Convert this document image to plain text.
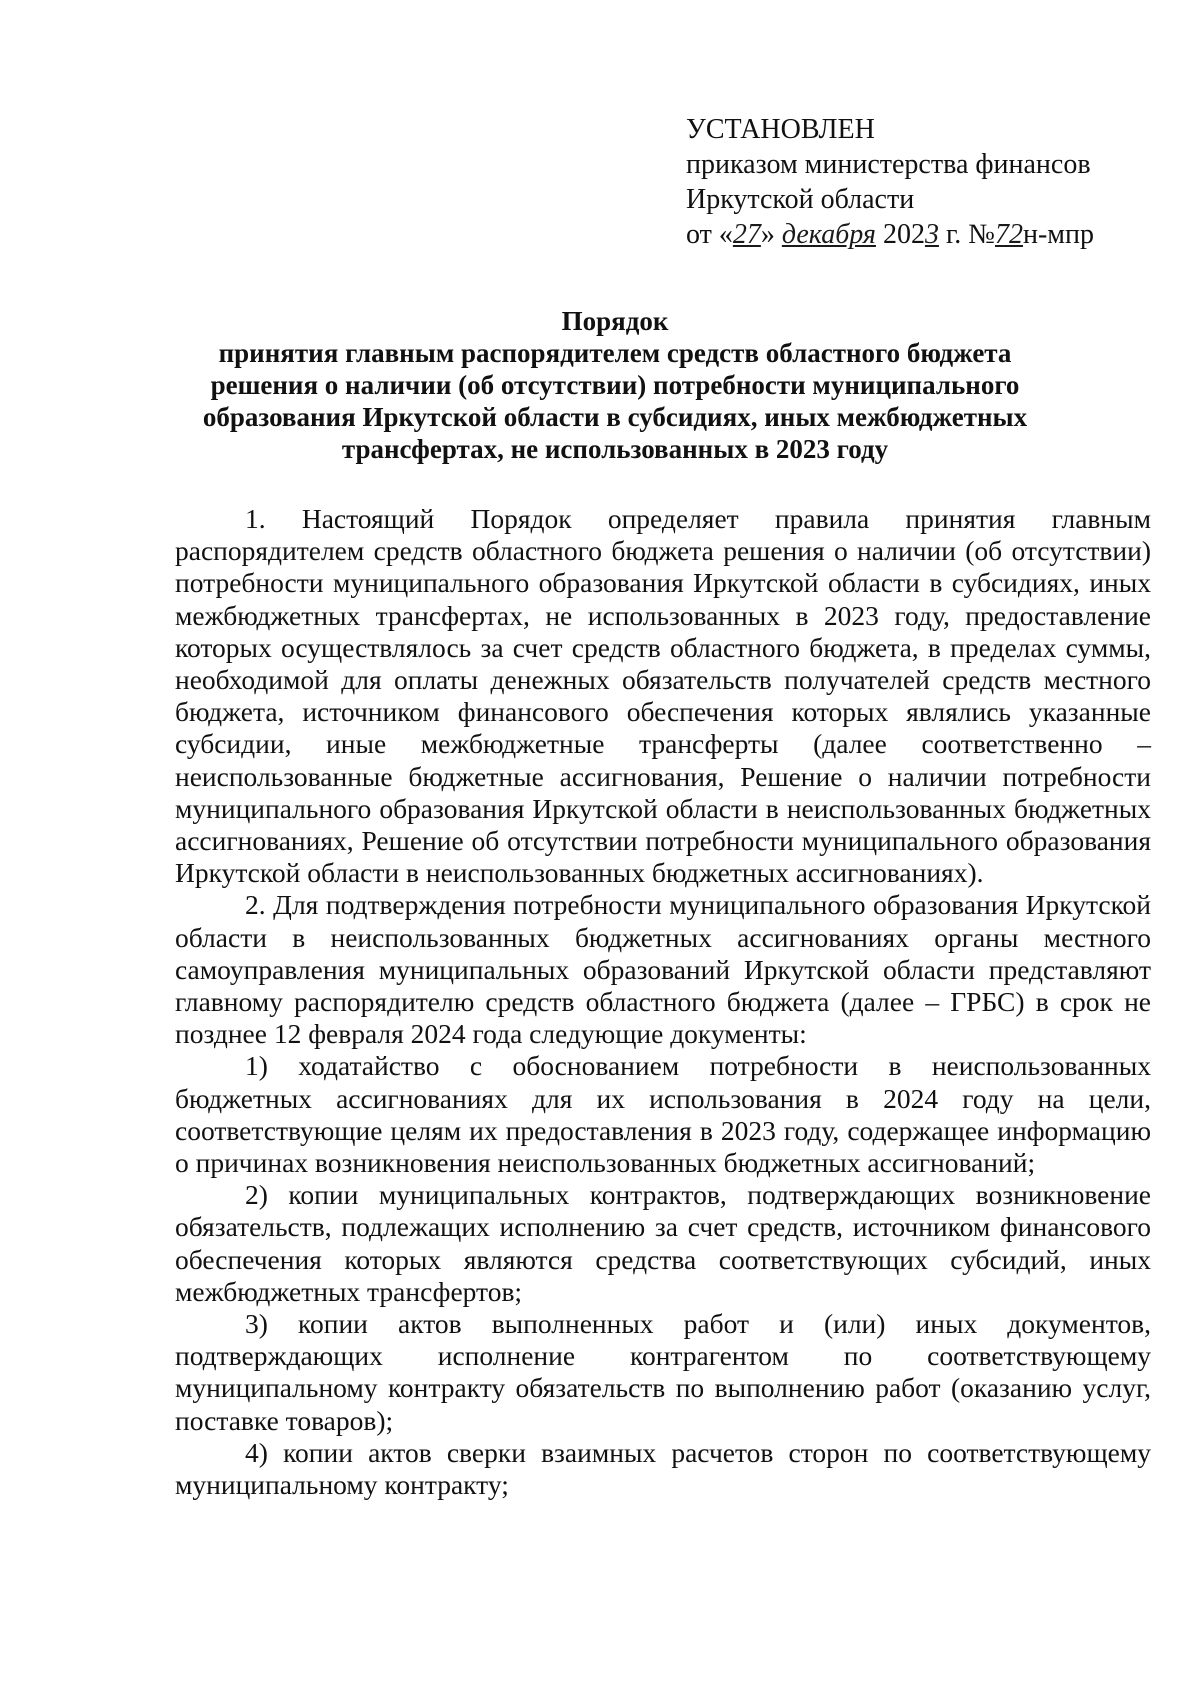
УСТАНОВЛЕН
приказом министерства финансов
Иркутской области
от «27» декабря 2023 г. №72н-мпр
Порядок
принятия главным распорядителем средств областного бюджета
решения о наличии (об отсутствии) потребности муниципального
образования Иркутской области в субсидиях, иных межбюджетных
трансфертах, не использованных в 2023 году

1. Настоящий Порядок определяет правила принятия главным распорядителем средств областного бюджета решения о наличии (об отсутствии) потребности муниципального образования Иркутской области в субсидиях, иных межбюджетных трансфертах, не использованных в 2023 году, предоставление которых осуществлялось за счет средств областного бюджета, в пределах суммы, необходимой для оплаты денежных обязательств получателей средств местного бюджета, источником финансового обеспечения которых являлись указанные субсидии, иные межбюджетные трансферты (далее соответственно – неиспользованные бюджетные ассигнования, Решение о наличии потребности муниципального образования Иркутской области в неиспользованных бюджетных ассигнованиях, Решение об отсутствии потребности муниципального образования Иркутской области в неиспользованных бюджетных ассигнованиях).

2. Для подтверждения потребности муниципального образования Иркутской области в неиспользованных бюджетных ассигнованиях органы местного самоуправления муниципальных образований Иркутской области представляют главному распорядителю средств областного бюджета (далее – ГРБС) в срок не позднее 12 февраля 2024 года следующие документы:

1) ходатайство с обоснованием потребности в неиспользованных бюджетных ассигнованиях для их использования в 2024 году на цели, соответствующие целям их предоставления в 2023 году, содержащее информацию о причинах возникновения неиспользованных бюджетных ассигнований;

2) копии муниципальных контрактов, подтверждающих возникновение обязательств, подлежащих исполнению за счет средств, источником финансового обеспечения которых являются средства соответствующих субсидий, иных межбюджетных трансфертов;

3) копии актов выполненных работ и (или) иных документов, подтверждающих исполнение контрагентом по соответствующему муниципальному контракту обязательств по выполнению работ (оказанию услуг, поставке товаров);

4) копии актов сверки взаимных расчетов сторон по соответствующему муниципальному контракту;
